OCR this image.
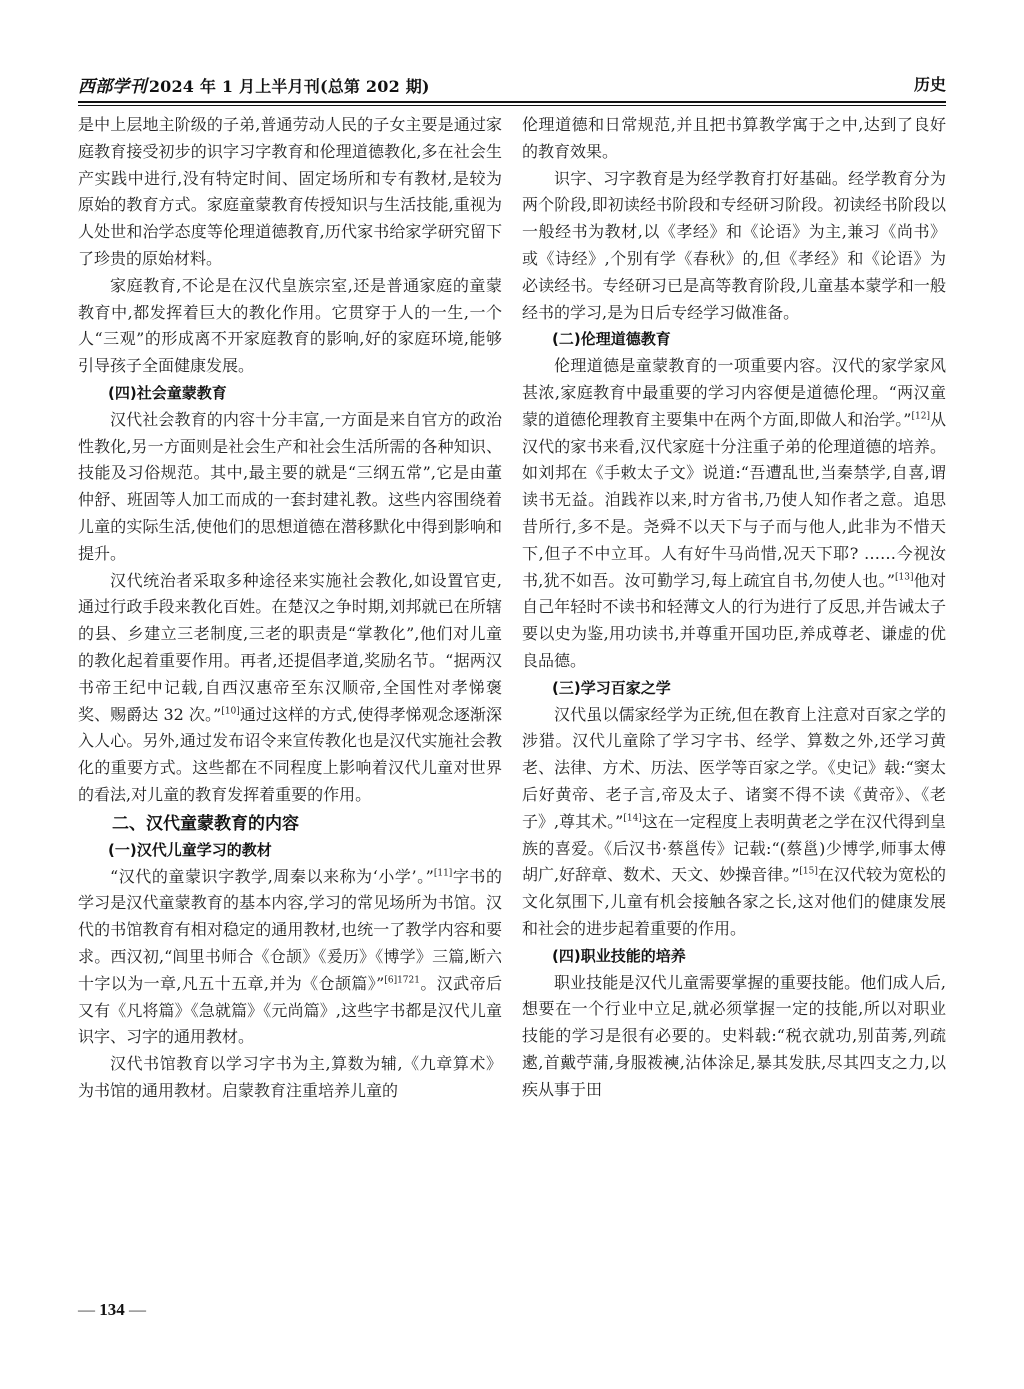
西部学刊 2024 年 1 月上半月刊(总第 202 期)	历史

是中上层地主阶级的子弟,普通劳动人民的子女主要是通过家庭教育接受初步的识字习字教育和伦理道德教化,多在社会生产实践中进行,没有特定时间、固定场所和专有教材,是较为原始的教育方式。家庭童蒙教育传授知识与生活技能,重视为人处世和治学态度等伦理道德教育,历代家书给家学研究留下了珍贵的原始材料。

家庭教育,不论是在汉代皇族宗室,还是普通家庭的童蒙教育中,都发挥着巨大的教化作用。它贯穿于人的一生,一个人“三观”的形成离不开家庭教育的影响,好的家庭环境,能够引导孩子全面健康发展。

(四)社会童蒙教育

汉代社会教育的内容十分丰富,一方面是来自官方的政治性教化,另一方面则是社会生产和社会生活所需的各种知识、技能及习俗规范。其中,最主要的就是“三纲五常”,它是由董仲舒、班固等人加工而成的一套封建礼教。这些内容围绕着儿童的实际生活,使他们的思想道德在潜移默化中得到影响和提升。

汉代统治者采取多种途径来实施社会教化,如设置官吏,通过行政手段来教化百姓。在楚汉之争时期,刘邦就已在所辖的县、乡建立三老制度,三老的职责是“掌教化”,他们对儿童的教化起着重要作用。再者,还提倡孝道,奖励名节。“据两汉书帝王纪中记载,自西汉惠帝至东汉顺帝,全国性对孝悌褒奖、赐爵达 32 次。”[10]通过这样的方式,使得孝悌观念逐渐深入人心。另外,通过发布诏令来宣传教化也是汉代实施社会教化的重要方式。这些都在不同程度上影响着汉代儿童对世界的看法,对儿童的教育发挥着重要的作用。

二、汉代童蒙教育的内容
(一)汉代儿童学习的教材

“汉代的童蒙识字教学,周秦以来称为‘小学’。”[11]字书的学习是汉代童蒙教育的基本内容,学习的常见场所为书馆。汉代的书馆教育有相对稳定的通用教材,也统一了教学内容和要求。西汉初,“闾里书师合《仓颉》《爰历》《博学》三篇,断六十字以为一章,凡五十五章,并为《仓颉篇》”$^{[6]1721}$。汉武帝后又有《凡将篇》《急就篇》《元尚篇》,这些字书都是汉代儿童识字、习字的通用教材。

汉代书馆教育以学习字书为主,算数为辅,《九章算术》为书馆的通用教材。启蒙教育注重培养儿童的

伦理道德和日常规范,并且把书算教学寓于之中,达到了良好的教育效果。

识字、习字教育是为经学教育打好基础。经学教育分为两个阶段,即初读经书阶段和专经研习阶段。初读经书阶段以一般经书为教材,以《孝经》和《论语》为主,兼习《尚书》或《诗经》,个别有学《春秋》的,但《孝经》和《论语》为必读经书。专经研习已是高等教育阶段,儿童基本蒙学和一般经书的学习,是为日后专经学习做准备。

(二)伦理道德教育

伦理道德是童蒙教育的一项重要内容。汉代的家学家风甚浓,家庭教育中最重要的学习内容便是道德伦理。“两汉童蒙的道德伦理教育主要集中在两个方面,即做人和治学。”[12]从汉代的家书来看,汉代家庭十分注重子弟的伦理道德的培养。如刘邦在《手敕太子文》说道:“吾遭乱世,当秦禁学,自喜,谓读书无益。洎践祚以来,时方省书,乃使人知作者之意。追思昔所行,多不是。尧舜不以天下与子而与他人,此非为不惜天下,但子不中立耳。人有好牛马尚惜,况天下耶? ……今视汝书,犹不如吾。汝可勤学习,每上疏宜自书,勿使人也。”[13]他对自己年轻时不读书和轻薄文人的行为进行了反思,并告诫太子要以史为鉴,用功读书,并尊重开国功臣,养成尊老、谦虚的优良品德。

(三)学习百家之学

汉代虽以儒家经学为正统,但在教育上注意对百家之学的涉猎。汉代儿童除了学习字书、经学、算数之外,还学习黄老、法律、方术、历法、医学等百家之学。《史记》载:“窦太后好黄帝、老子言,帝及太子、诸窦不得不读《黄帝》、《老子》,尊其术。”[14]这在一定程度上表明黄老之学在汉代得到皇族的喜爱。《后汉书·蔡邕传》记载:“(蔡邕)少博学,师事太傅胡广,好辞章、数术、天文、妙操音律。”[15]在汉代较为宽松的文化氛围下,儿童有机会接触各家之长,这对他们的健康发展和社会的进步起着重要的作用。

(四)职业技能的培养

职业技能是汉代儿童需要掌握的重要技能。他们成人后,想要在一个行业中立足,就必须掌握一定的技能,所以对职业技能的学习是很有必要的。史料载:“税衣就功,别苗莠,列疏遬,首戴苧蒲,身服袯襫,沾体涂足,暴其发肤,尽其四支之力,以疾从事于田

— 134 —
